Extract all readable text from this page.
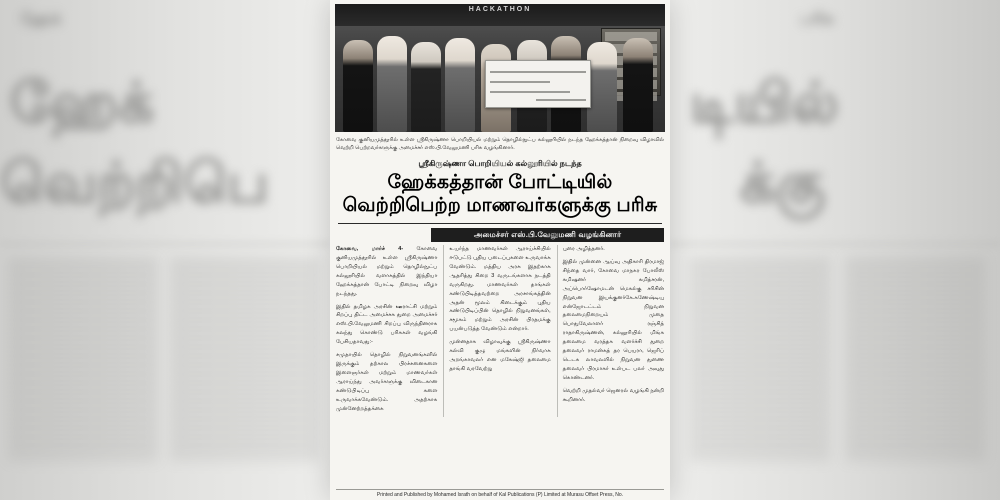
ஹேக்
ஹேக்
வெற்றிபெ
டியில்
க்கு
பரிசு
HACKATHON
கோவை குனியமுத்தூரில் உள்ள ஸ்ரீகிருஷ்ணா பொறியியல் மற்றும் தொழில்நுட்ப கல்லூரியில் நடந்த ஹேக்கத்தான் நிறைவு விழாவில் வெற்றி பெற்றவர்களுக்கு அமைச்சர் எஸ்.பி.வேலுமணி பரிசு வழங்கினார்.
ஸ்ரீகிருஷ்ணா பொறியியல் கல்லூரியில் நடந்த
ஹேக்கத்தான் போட்டியில்
வெற்றிபெற்ற மாணவர்களுக்கு பரிசு
அமைச்சர் எஸ்.பி.வேலுமணி வழங்கினார்

கோவை, மார்ச் 4- கோவை குனியமுத்தூரில் உள்ள ஸ்ரீகிருஷ்ணா பொறியியல் மற்றும் தொழில்நுட்ப கல்லூரியில் வளாகத்தில் இந்தியா ஹேக்கத்தான் போட்டி நிறைவு விழா நடந்தது.

இதில் தமிழக அரசின் ஊராட்சி மற்றும் சிறப்பு திட்ட அமைச்சக துறை அமைச்சர் எஸ்.பி.வேலுமணி சிறப்பு விருந்தினராக கலந்து கொண்டு பரிசுகள் வழங்கி பேசியதாவது:-

சமுதாயில் தொழில் நிறுவனங்களில் இருக்கும் தற்கால பிரச்சனைகளை இளைஞர்கள் மற்றும் மாணவர்கள் ஆராய்ந்து அவர்களுக்கு விடைகான கண்டுபிடிப்பு களை உருவாக்கவேண்டும். அதற்காக முன்னேற்றத்தக்கை

உயர்ந்த மாணவர்கள் ஆராய்ச்சியில் ஈடுபட்டு புதிய படைப்புகளை உருவாக்க வேண்டும். மத்திய அரசு இதற்காக ஆதரித்து சிறை 3 வருடங்களாக நடத்தி வருகிறது. மாணவர்கள் தாங்கள் கண்டுபிடித்தவற்றை அரசாங்கத்தின் அதன் மூலம் கிடைக்கும் புதிய கண்டுபிடிப்பின் தொழில் நிறுவனங்கள், சமூகம் மற்றும் அரசின் பிரதமக்கு பயன்படுத்த வேண்டும் என்றார்.

முன்னதாக விழாவுக்கு ஸ்ரீகிருஷ்ணா கல்வி குழு மங்களின் நிர்வாக அறங்காவலர் என மகேஷ்ஜி தலைமை தாங்கி வரவேற்று

புரை அழித்தனர்.

இதில் முன்னை ஆய்வு அதிகாரி திரமாஜ் சிந்தை வார், கோவை மாநகர போலீஸ் கமிஷனர் கமித்சரன், அப்பொர்ஷோமடன் மெகல்கு சரிசின் நிறுவன இயக்குனர்கே.கணேஷ்டியு என்ஜோடட்டம் நிறுவன தலைமைநிறையம் முதை பொதுவேலாளர் ரஞ்சித் ராதாகிருஷ்ணன், கல்லூரியில் மிங்க தலைமை வரத்தக வளர்ச்சி துறை தலைவர் ராமன்கத் தர பெயரா, ஜெரிப் டெடக லாவலளில் நிறுவன துணை தலைவர் பிரமாகர் உள்பட பலர் அவுது கொண்டனர்.

வெற்றி முதல்வர் ஜெனரல் வழங்கி நன்றி கூறினார்.

Printed and Published by Mohamed Israth on behalf of Kal Publications (P) Limited at Murasu Offset Press, No.
